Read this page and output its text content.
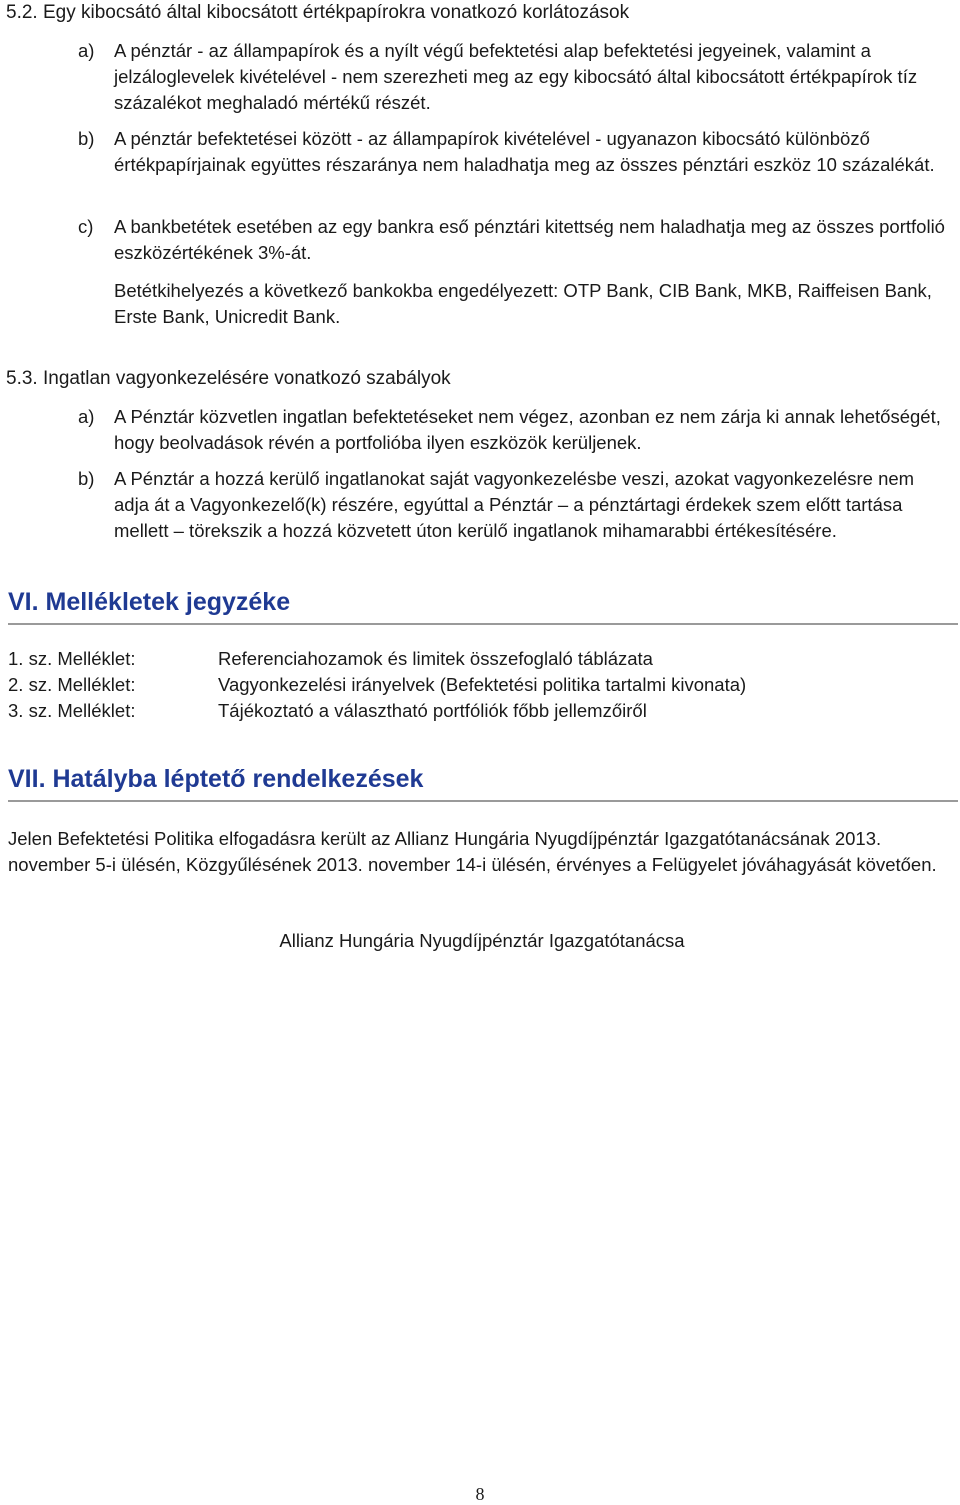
5.2. Egy kibocsátó által kibocsátott értékpapírokra vonatkozó korlátozások
a) A pénztár - az állampapírok és a nyílt végű befektetési alap befektetési jegyeinek, valamint a jelzáloglevelek kivételével - nem szerezheti meg az egy kibocsátó által kibocsátott értékpapírok tíz százalékot meghaladó mértékű részét.
b) A pénztár befektetései között - az állampapírok kivételével - ugyanazon kibocsátó különböző értékpapírjainak együttes részaránya nem haladhatja meg az összes pénztári eszköz 10 százalékát.
c) A bankbetétek esetében az egy bankra eső pénztári kitettség nem haladhatja meg az összes portfolió eszközértékének 3%-át.
Betétkihelyezés a következő bankokba engedélyezett: OTP Bank, CIB Bank, MKB, Raiffeisen Bank, Erste Bank, Unicredit Bank.
5.3. Ingatlan vagyonkezelésére vonatkozó szabályok
a) A Pénztár közvetlen ingatlan befektetéseket nem végez, azonban ez nem zárja ki annak lehetőségét, hogy beolvadások révén a portfolióba ilyen eszközök kerüljenek.
b) A Pénztár a hozzá kerülő ingatlanokat saját vagyonkezelésbe veszi, azokat vagyonkezelésre nem adja át a Vagyonkezelő(k) részére, egyúttal a Pénztár – a pénztártagi érdekek szem előtt tartása mellett – törekszik a hozzá közvetett úton kerülő ingatlanok mihamarabbi értékesítésére.
VI. Mellékletek jegyzéke
1. sz. Melléklet:	Referenciahozamok és limitek összefoglaló táblázata
2. sz. Melléklet:	Vagyonkezelési irányelvek (Befektetési politika tartalmi kivonata)
3. sz. Melléklet:	Tájékoztató a választható portfóliók főbb jellemzőiről
VII. Hatályba léptető rendelkezések
Jelen Befektetési Politika elfogadásra került az Allianz Hungária Nyugdíjpénztár Igazgatótanácsának 2013. november 5-i ülésén, Közgyűlésének 2013. november 14-i ülésén, érvényes a Felügyelet jóváhagyását követően.
Allianz Hungária Nyugdíjpénztár Igazgatótanácsa
8
